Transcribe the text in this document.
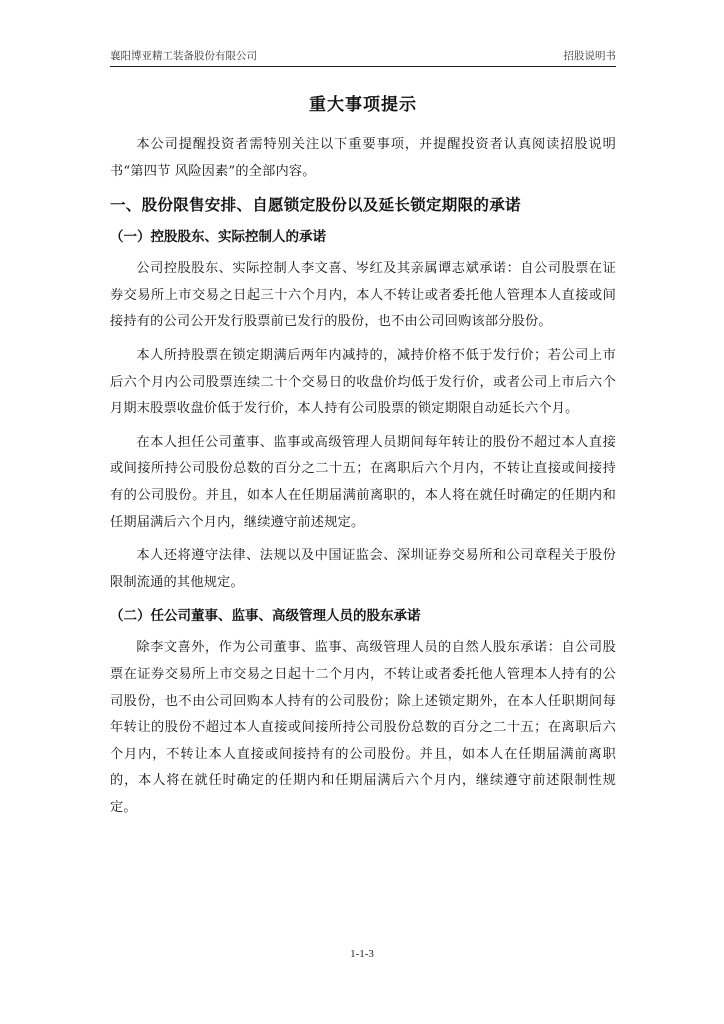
襄阳博亚精工装备股份有限公司	招股说明书
重大事项提示

本公司提醒投资者需特别关注以下重要事项，并提醒投资者认真阅读招股说明书“第四节 风险因素”的全部内容。

一、股份限售安排、自愿锁定股份以及延长锁定期限的承诺
（一）控股股东、实际控制人的承诺

公司控股股东、实际控制人李文喜、岑红及其亲属谭志斌承诺：自公司股票在证券交易所上市交易之日起三十六个月内，本人不转让或者委托他人管理本人直接或间接持有的公司公开发行股票前已发行的股份，也不由公司回购该部分股份。

本人所持股票在锁定期满后两年内减持的，减持价格不低于发行价；若公司上市后六个月内公司股票连续二十个交易日的收盘价均低于发行价，或者公司上市后六个月期末股票收盘价低于发行价，本人持有公司股票的锁定期限自动延长六个月。

在本人担任公司董事、监事或高级管理人员期间每年转让的股份不超过本人直接或间接所持公司股份总数的百分之二十五；在离职后六个月内，不转让直接或间接持有的公司股份。并且，如本人在任期届满前离职的，本人将在就任时确定的任期内和任期届满后六个月内，继续遵守前述规定。

本人还将遵守法律、法规以及中国证监会、深圳证券交易所和公司章程关于股份限制流通的其他规定。

（二）任公司董事、监事、高级管理人员的股东承诺

除李文喜外，作为公司董事、监事、高级管理人员的自然人股东承诺：自公司股票在证券交易所上市交易之日起十二个月内，不转让或者委托他人管理本人持有的公司股份，也不由公司回购本人持有的公司股份；除上述锁定期外，在本人任职期间每年转让的股份不超过本人直接或间接所持公司股份总数的百分之二十五；在离职后六个月内，不转让本人直接或间接持有的公司股份。并且，如本人在任期届满前离职的，本人将在就任时确定的任期内和任期届满后六个月内，继续遵守前述限制性规定。

1-1-3
